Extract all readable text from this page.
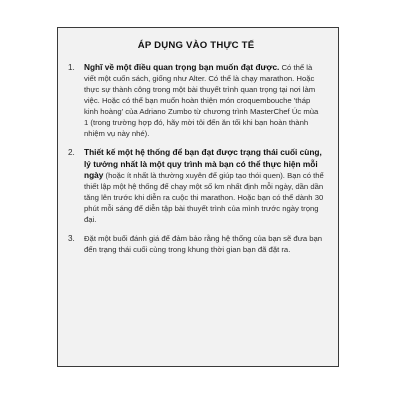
ÁP DỤNG VÀO THỰC TẾ
1. Nghĩ về một điều quan trọng bạn muốn đạt được. Có thể là viết một cuốn sách, giống như Alter. Có thể là chạy marathon. Hoặc thực sự thành công trong một bài thuyết trình quan trọng tại nơi làm việc. Hoặc có thể bạn muốn hoàn thiện món croquembouche 'tháp kinh hoàng' của Adriano Zumbo từ chương trình MasterChef Úc mùa 1 (trong trường hợp đó, hãy mời tôi đến ăn tối khi bạn hoàn thành nhiệm vụ này nhé).
2. Thiết kế một hệ thống để bạn đạt được trạng thái cuối cùng, lý tưởng nhất là một quy trình mà bạn có thể thực hiện mỗi ngày (hoặc ít nhất là thường xuyên để giúp tạo thói quen). Bạn có thể thiết lập một hệ thống để chạy một số km nhất định mỗi ngày, dần dần tăng lên trước khi diễn ra cuộc thi marathon. Hoặc bạn có thể dành 30 phút mỗi sáng để diễn tập bài thuyết trình của mình trước ngày trọng đại.
3. Đặt một buổi đánh giá để đảm bảo rằng hệ thống của bạn sẽ đưa bạn đến trạng thái cuối cùng trong khung thời gian bạn đã đặt ra.
